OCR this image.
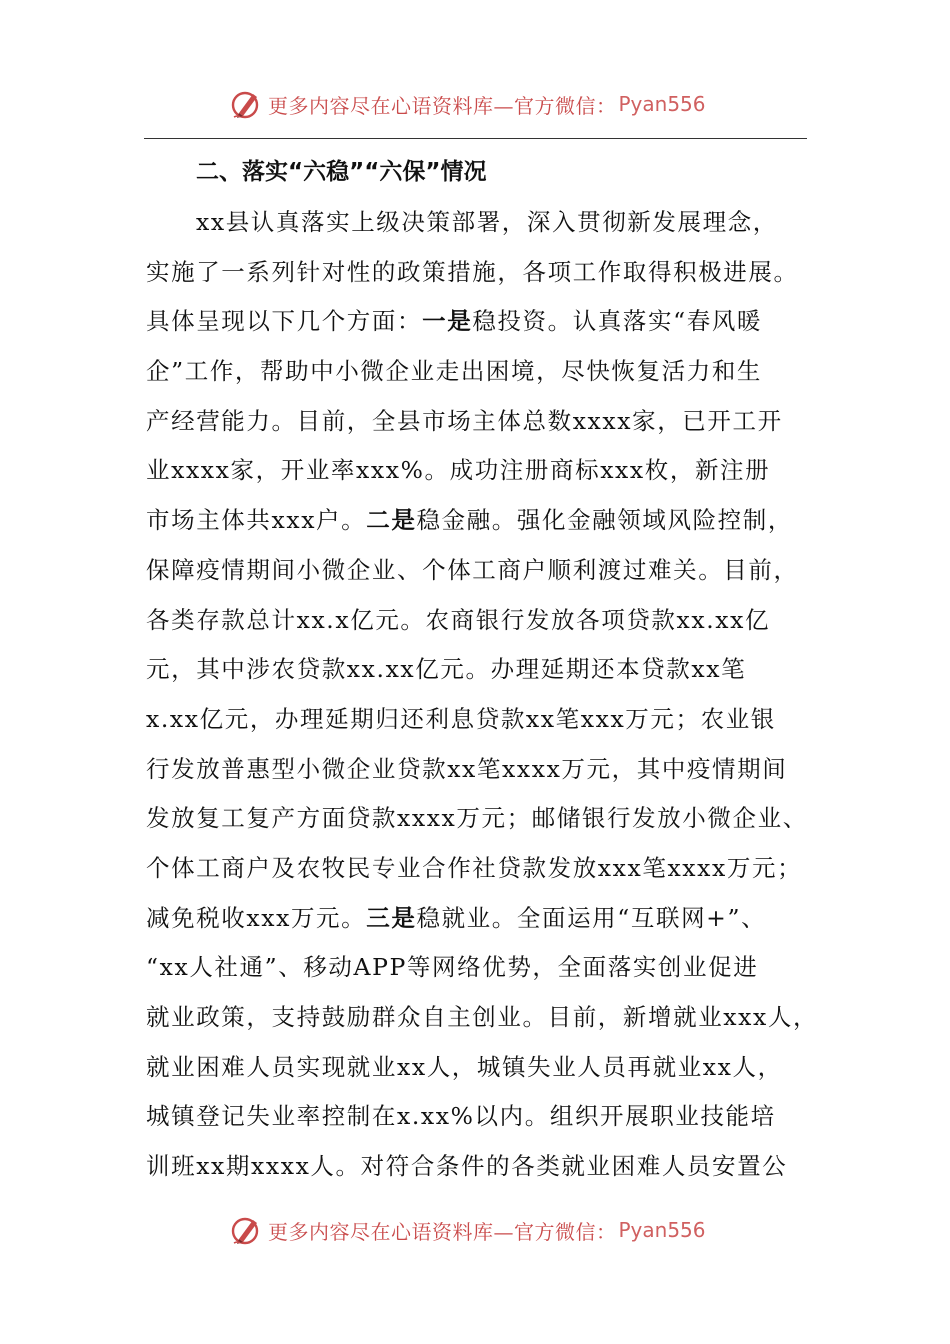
更多内容尽在心语资料库—官方微信： Pyan556
二、落实“六稳”“六保”情况
xx县认真落实上级决策部署，深入贯彻新发展理念，
实施了一系列针对性的政策措施，各项工作取得积极进展。
具体呈现以下几个方面：一是稳投资。认真落实“春风暖
企”工作，帮助中小微企业走出困境，尽快恢复活力和生
产经营能力。目前，全县市场主体总数xxxx家，已开工开
业xxxx家，开业率xxx%。成功注册商标xxx枚，新注册
市场主体共xxx户。二是稳金融。强化金融领域风险控制，
保障疫情期间小微企业、个体工商户顺利渡过难关。目前，
各类存款总计xx.x亿元。农商银行发放各项贷款xx.xx亿
元，其中涉农贷款xx.xx亿元。办理延期还本贷款xx笔
x.xx亿元，办理延期归还利息贷款xx笔xxx万元；农业银
行发放普惠型小微企业贷款xx笔xxxx万元，其中疫情期间
发放复工复产方面贷款xxxx万元；邮储银行发放小微企业、
个体工商户及农牧民专业合作社贷款发放xxx笔xxxx万元；
减免税收xxx万元。三是稳就业。全面运用“互联网+”、
“xx人社通”、移动APP等网络优势，全面落实创业促进
就业政策，支持鼓励群众自主创业。目前，新增就业xxx人，
就业困难人员实现就业xx人，城镇失业人员再就业xx人，
城镇登记失业率控制在x.xx%以内。组织开展职业技能培
训班xx期xxxx人。对符合条件的各类就业困难人员安置公
更多内容尽在心语资料库—官方微信： Pyan556
